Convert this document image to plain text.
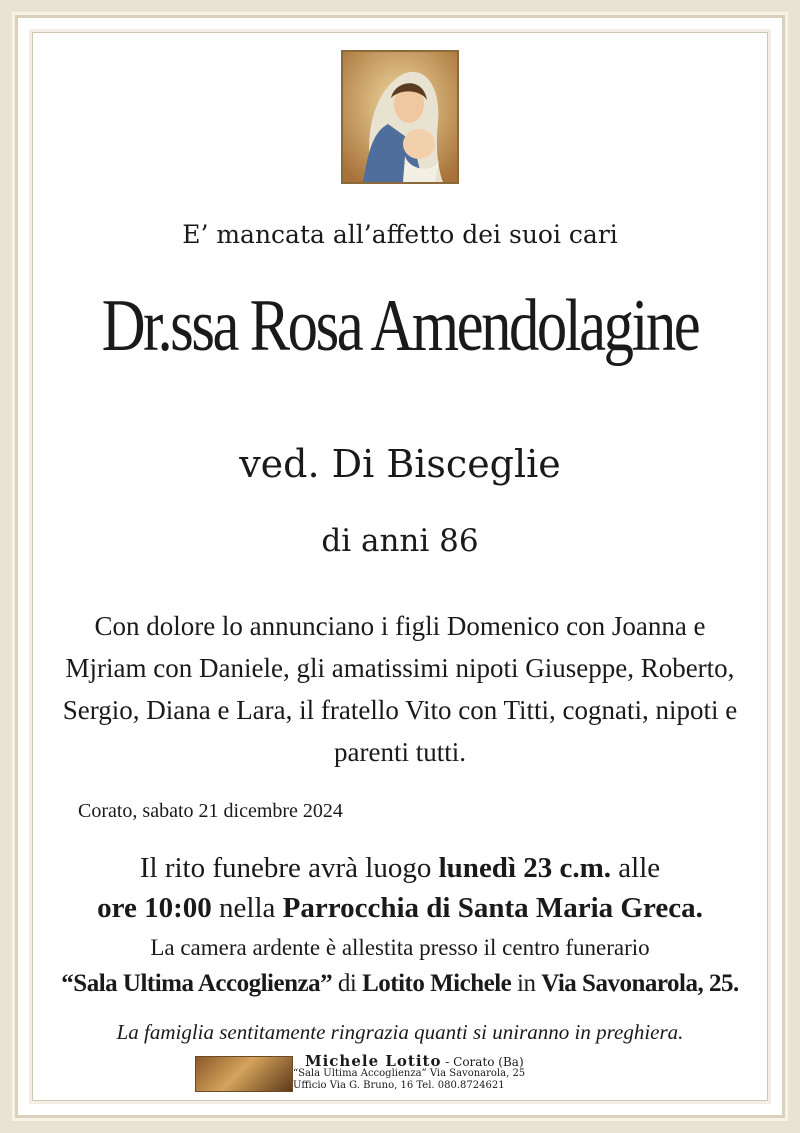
E’ mancata all’affetto dei suoi cari
Dr.ssa Rosa Amendolagine
ved. Di Bisceglie
di anni 86
Con dolore lo annunciano i figli Domenico con Joanna e Mjriam con Daniele, gli amatissimi nipoti Giuseppe, Roberto, Sergio, Diana e Lara, il fratello Vito con Titti, cognati, nipoti e parenti tutti.
Corato, sabato 21 dicembre 2024
Il rito funebre avrà luogo lunedì 23 c.m. alle
ore 10:00 nella Parrocchia di Santa Maria Greca.
La camera ardente è allestita presso il centro funerario
“Sala Ultima Accoglienza” di Lotito Michele in Via Savonarola, 25.
La famiglia sentitamente ringrazia quanti si uniranno in preghiera.
Michele Lotito - Corato (Ba)
“Sala Ultima Accoglienza” Via Savonarola, 25
Ufficio Via G. Bruno, 16 Tel. 080.8724621
